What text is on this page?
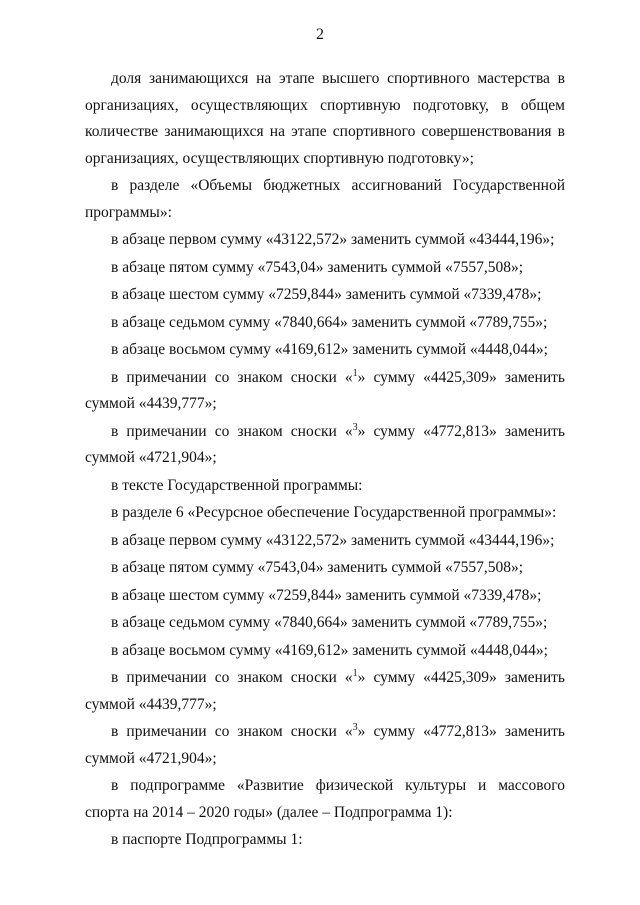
2

доля занимающихся на этапе высшего спортивного мастерства в организациях, осуществляющих спортивную подготовку, в общем количестве занимающихся на этапе спортивного совершенствования в организациях, осуществляющих спортивную подготовку»;

в разделе «Объемы бюджетных ассигнований Государственной программы»:

в абзаце первом сумму «43122,572» заменить суммой «43444,196»;

в абзаце пятом сумму «7543,04» заменить суммой «7557,508»;

в абзаце шестом сумму «7259,844» заменить суммой «7339,478»;

в абзаце седьмом сумму «7840,664» заменить суммой «7789,755»;

в абзаце восьмом сумму «4169,612» заменить суммой «4448,044»;

в примечании со знаком сноски «$^1$» сумму «4425,309» заменить суммой «4439,777»;

в примечании со знаком сноски «$^3$» сумму «4772,813» заменить суммой «4721,904»;

в тексте Государственной программы:

в разделе 6 «Ресурсное обеспечение Государственной программы»:

в абзаце первом сумму «43122,572» заменить суммой «43444,196»;

в абзаце пятом сумму «7543,04» заменить суммой «7557,508»;

в абзаце шестом сумму «7259,844» заменить суммой «7339,478»;

в абзаце седьмом сумму «7840,664» заменить суммой «7789,755»;

в абзаце восьмом сумму «4169,612» заменить суммой «4448,044»;

в примечании со знаком сноски «$^1$» сумму «4425,309» заменить суммой «4439,777»;

в примечании со знаком сноски «$^3$» сумму «4772,813» заменить суммой «4721,904»;

в подпрограмме «Развитие физической культуры и массового спорта на 2014 – 2020 годы» (далее – Подпрограмма 1):

в паспорте Подпрограммы 1:
